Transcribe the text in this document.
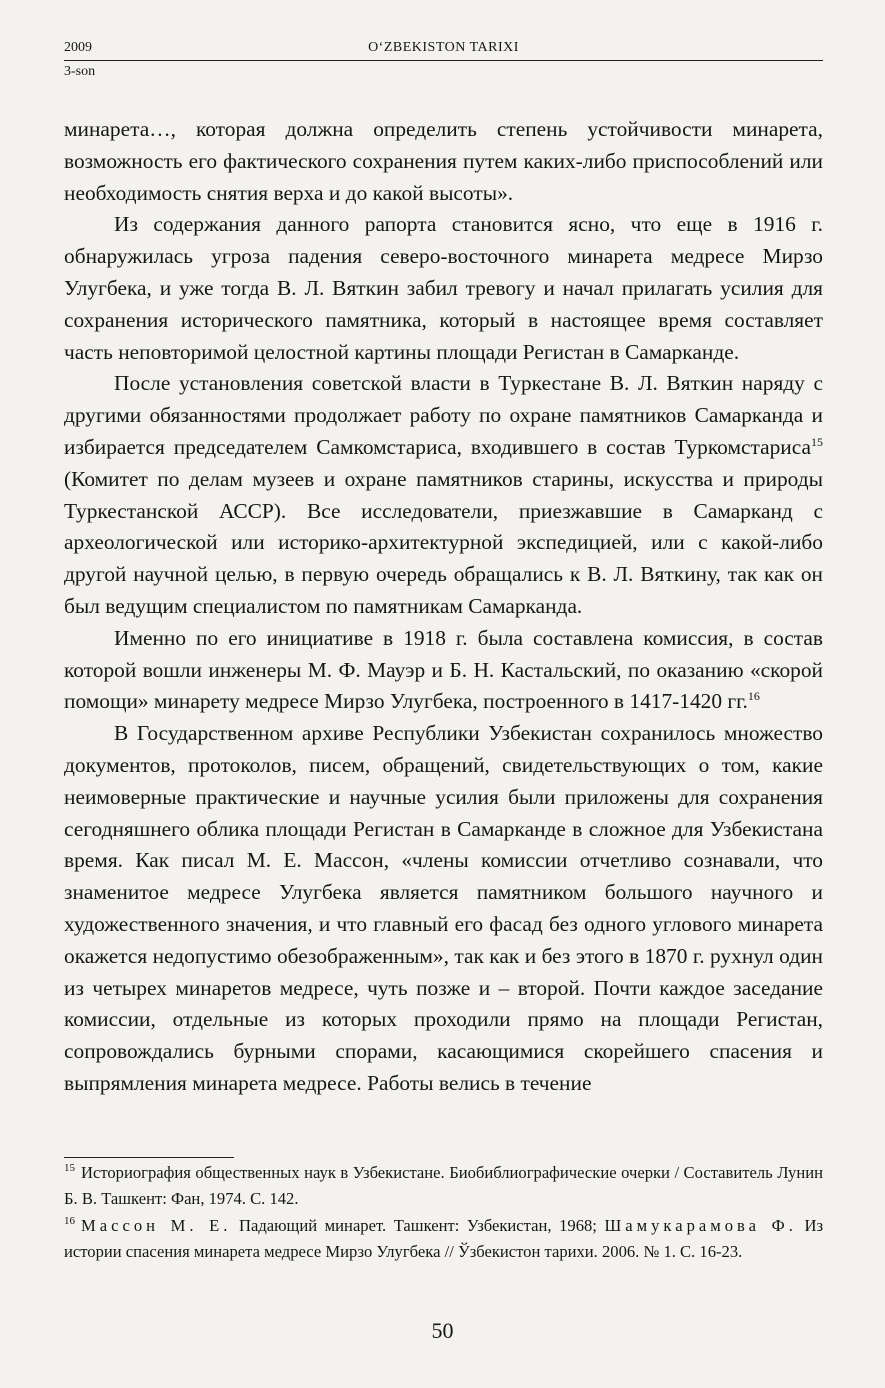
2009	O‘ZBEKISTON TARIXI
3-son

минарета…, которая должна определить степень устойчивости минарета, возможность его фактического сохранения путем каких-либо приспособлений или необходимость снятия верха и до какой высоты».

Из содержания данного рапорта становится ясно, что еще в 1916 г. обнаружилась угроза падения северо-восточного минарета медресе Мирзо Улугбека, и уже тогда В. Л. Вяткин забил тревогу и начал прилагать усилия для сохранения исторического памятника, который в настоящее время составляет часть неповторимой целостной картины площади Регистан в Самарканде.

После установления советской власти в Туркестане В. Л. Вяткин наряду с другими обязанностями продолжает работу по охране памятников Самарканда и избирается председателем Самкомстариса, входившего в состав Туркомстариса$^{15}$ (Комитет по делам музеев и охране памятников старины, искусства и природы Туркестанской АССР). Все исследователи, приезжавшие в Самарканд с археологической или историко-архитектурной экспедицией, или с какой-либо другой научной целью, в первую очередь обращались к В. Л. Вяткину, так как он был ведущим специалистом по памятникам Самарканда.

Именно по его инициативе в 1918 г. была составлена комиссия, в состав которой вошли инженеры М. Ф. Мауэр и Б. Н. Кастальский, по оказанию «скорой помощи» минарету медресе Мирзо Улугбека, построенного в 1417-1420 гг.$^{16}$

В Государственном архиве Республики Узбекистан сохранилось множество документов, протоколов, писем, обращений, свидетельствующих о том, какие неимоверные практические и научные усилия были приложены для сохранения сегодняшнего облика площади Регистан в Самарканде в сложное для Узбекистана время. Как писал М. Е. Массон, «члены комиссии отчетливо сознавали, что знаменитое медресе Улугбека является памятником большого научного и художественного значения, и что главный его фасад без одного углового минарета окажется недопустимо обезображенным», так как и без этого в 1870 г. рухнул один из четырех минаретов медресе, чуть позже и – второй. Почти каждое заседание комиссии, отдельные из которых проходили прямо на площади Регистан, сопровождались бурными спорами, касающимися скорейшего спасения и выпрямления минарета медресе. Работы велись в течение

$^{15}$ Историография общественных наук в Узбекистане. Биобиблиографические очерки / Составитель Лунин Б. В. Ташкент: Фан, 1974. С. 142.

$^{16}$ Массон М. Е. Падающий минарет. Ташкент: Узбекистан, 1968; Шамукарамова Ф. Из истории спасения минарета медресе Мирзо Улугбека // Ўзбекистон тарихи. 2006. № 1. С. 16-23.

50
